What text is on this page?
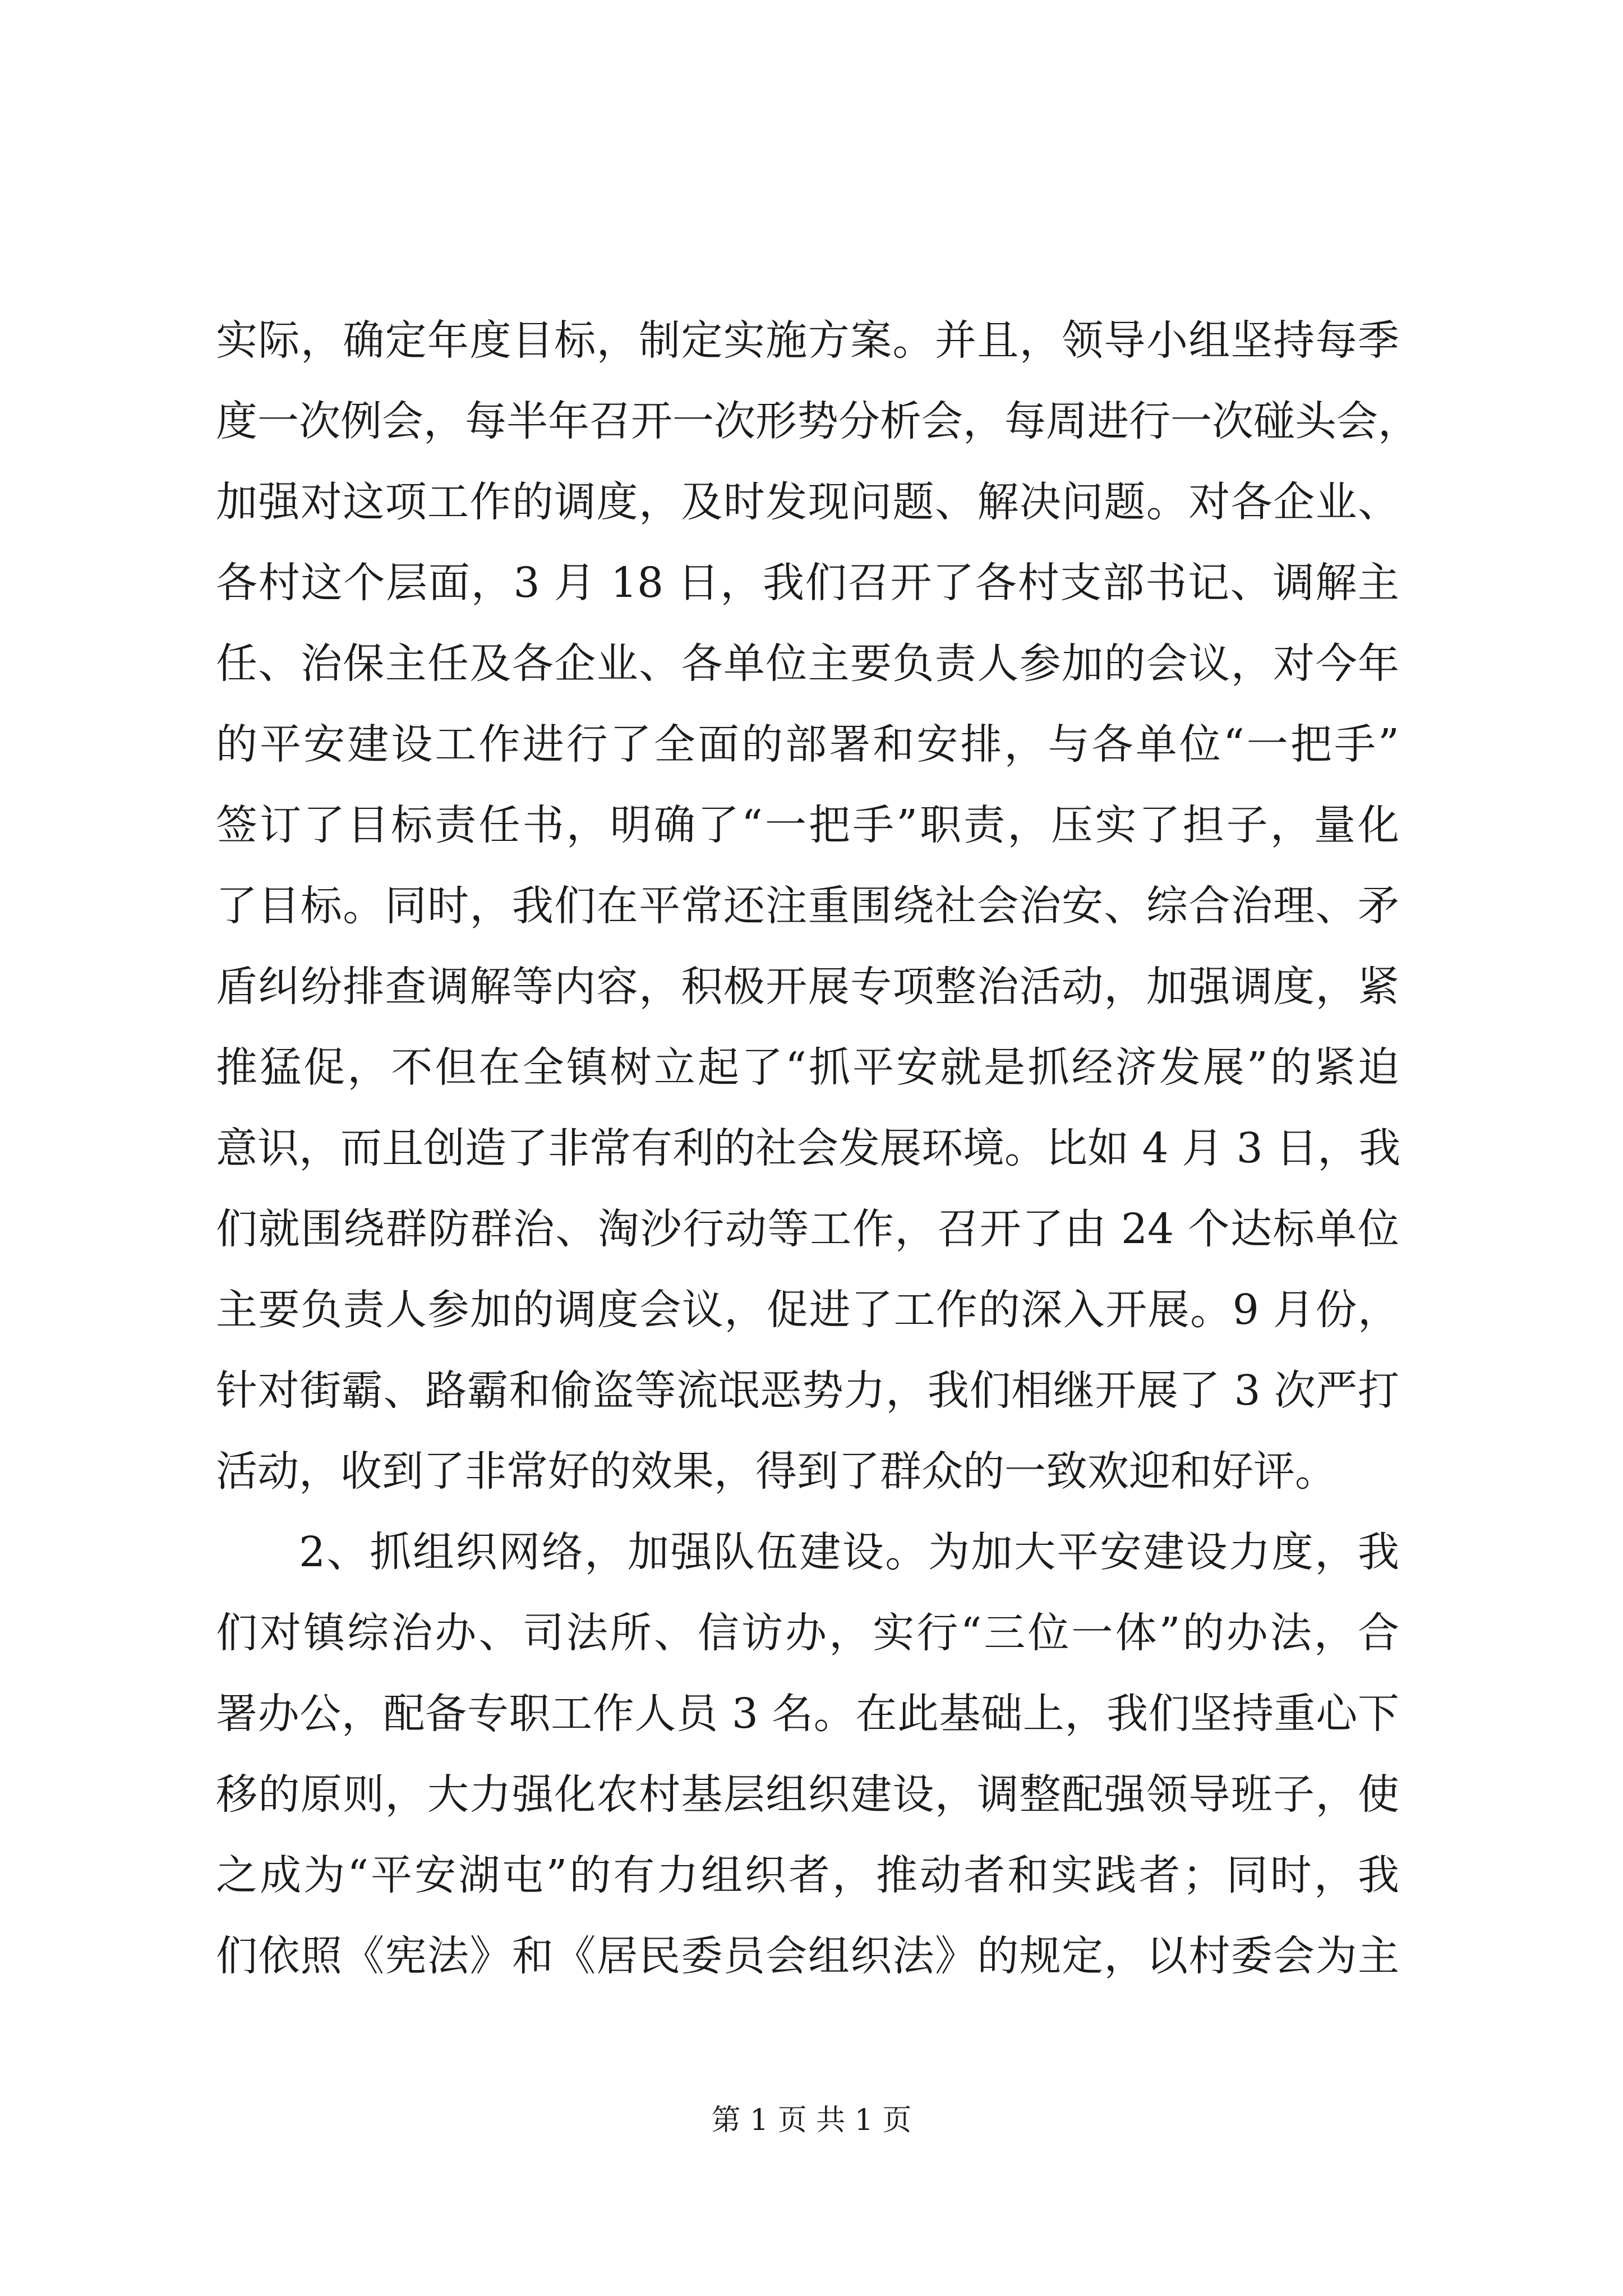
实际，确定年度目标，制定实施方案。并且，领导小组坚持每季
度一次例会，每半年召开一次形势分析会，每周进行一次碰头会，
加强对这项工作的调度，及时发现问题、解决问题。对各企业、
各村这个层面，3 月 18 日，我们召开了各村支部书记、调解主
任、治保主任及各企业、各单位主要负责人参加的会议，对今年
的平安建设工作进行了全面的部署和安排，与各单位“一把手”
签订了目标责任书，明确了“一把手”职责，压实了担子，量化
了目标。同时，我们在平常还注重围绕社会治安、综合治理、矛
盾纠纷排查调解等内容，积极开展专项整治活动，加强调度，紧
推猛促，不但在全镇树立起了“抓平安就是抓经济发展”的紧迫
意识，而且创造了非常有利的社会发展环境。比如 4 月 3 日，我
们就围绕群防群治、淘沙行动等工作，召开了由 24 个达标单位
主要负责人参加的调度会议，促进了工作的深入开展。9 月份，
针对街霸、路霸和偷盗等流氓恶势力，我们相继开展了 3 次严打
活动，收到了非常好的效果，得到了群众的一致欢迎和好评。
2、抓组织网络，加强队伍建设。为加大平安建设力度，我
们对镇综治办、司法所、信访办，实行“三位一体”的办法，合
署办公，配备专职工作人员 3 名。在此基础上，我们坚持重心下
移的原则，大力强化农村基层组织建设，调整配强领导班子，使
之成为“平安湖屯”的有力组织者，推动者和实践者；同时，我
们依照《宪法》和《居民委员会组织法》的规定，以村委会为主
第 1 页 共 1 页
